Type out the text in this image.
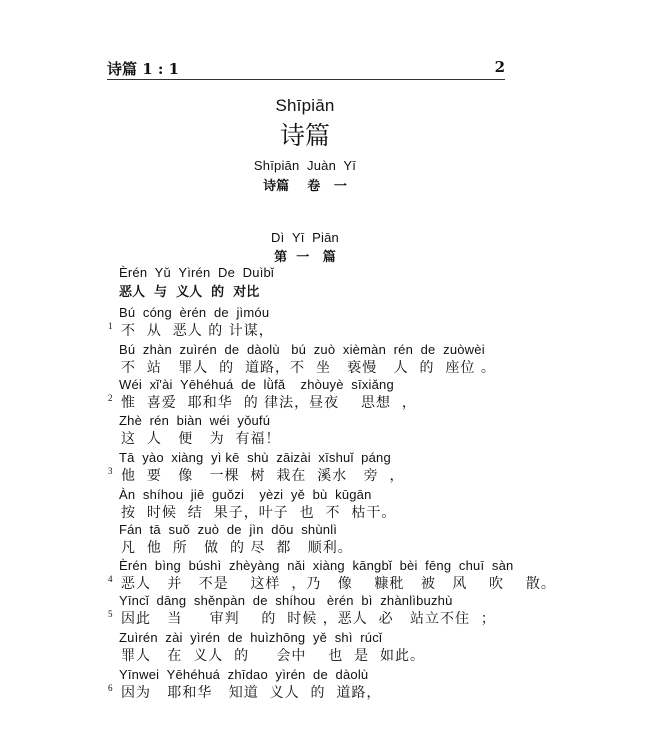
诗篇 1 : 1	2
Shīpiān
诗篇
Shīpiān  Juàn  Yī
诗篇    卷   一
Dì  Yī  Piān
第  一   篇
Èrén  Yǔ  Yìrén  De  Duìbǐ
恶人  与  义人  的  对比
Bú  cóng  èrén  de  jìmóu
不  从  恶人 的 计谋，
1
Bú  zhàn  zuìrén  de  dàolù   bú  zuò  xièmàn  rén  de  zuòwèi
不  站   罪人  的  道路，不  坐   亵慢   人  的  座位 。
Wéi  xǐ'ài  Yēhéhuá  de  lǜfǎ    zhòuyè  sīxiǎng
惟  喜爱  耶和华  的 律法，昼夜    思想  ，
2
Zhè  rén  biàn  wéi  yǒufú
这  人   便   为  有福！
Tā  yào  xiàng  yì kē  shù  zāizài  xīshuǐ  páng
他  要   像   一棵  树  栽在  溪水   旁  ，
3
Àn  shíhou  jiē  guǒzi    yèzi  yě  bù  kūgān
按  时候  结  果子，叶子  也  不  枯干。
Fán  tā  suǒ  zuò  de  jìn  dōu  shùnlì
凡  他  所   做  的 尽  都   顺利。
Èrén  bìng  búshì  zhèyàng  nǎi  xiàng  kāngbǐ  bèi  fēng  chuī  sàn
恶人   并   不是    这样  ，乃   像    糠秕   被   风    吹    散。
4
Yīncǐ  dāng  shěnpàn  de  shíhou   èrén  bì  zhànlìbuzhù
因此   当     审判    的  时候 ，恶人  必   站立不住  ；
5
Zuìrén  zài  yìrén  de  huìzhōng  yě  shì  rúcǐ
罪人   在  义人  的     会中    也  是  如此。
Yīnwei  Yēhéhuá  zhīdao  yìrén  de  dàolù
因为   耶和华   知道  义人  的  道路，
6
